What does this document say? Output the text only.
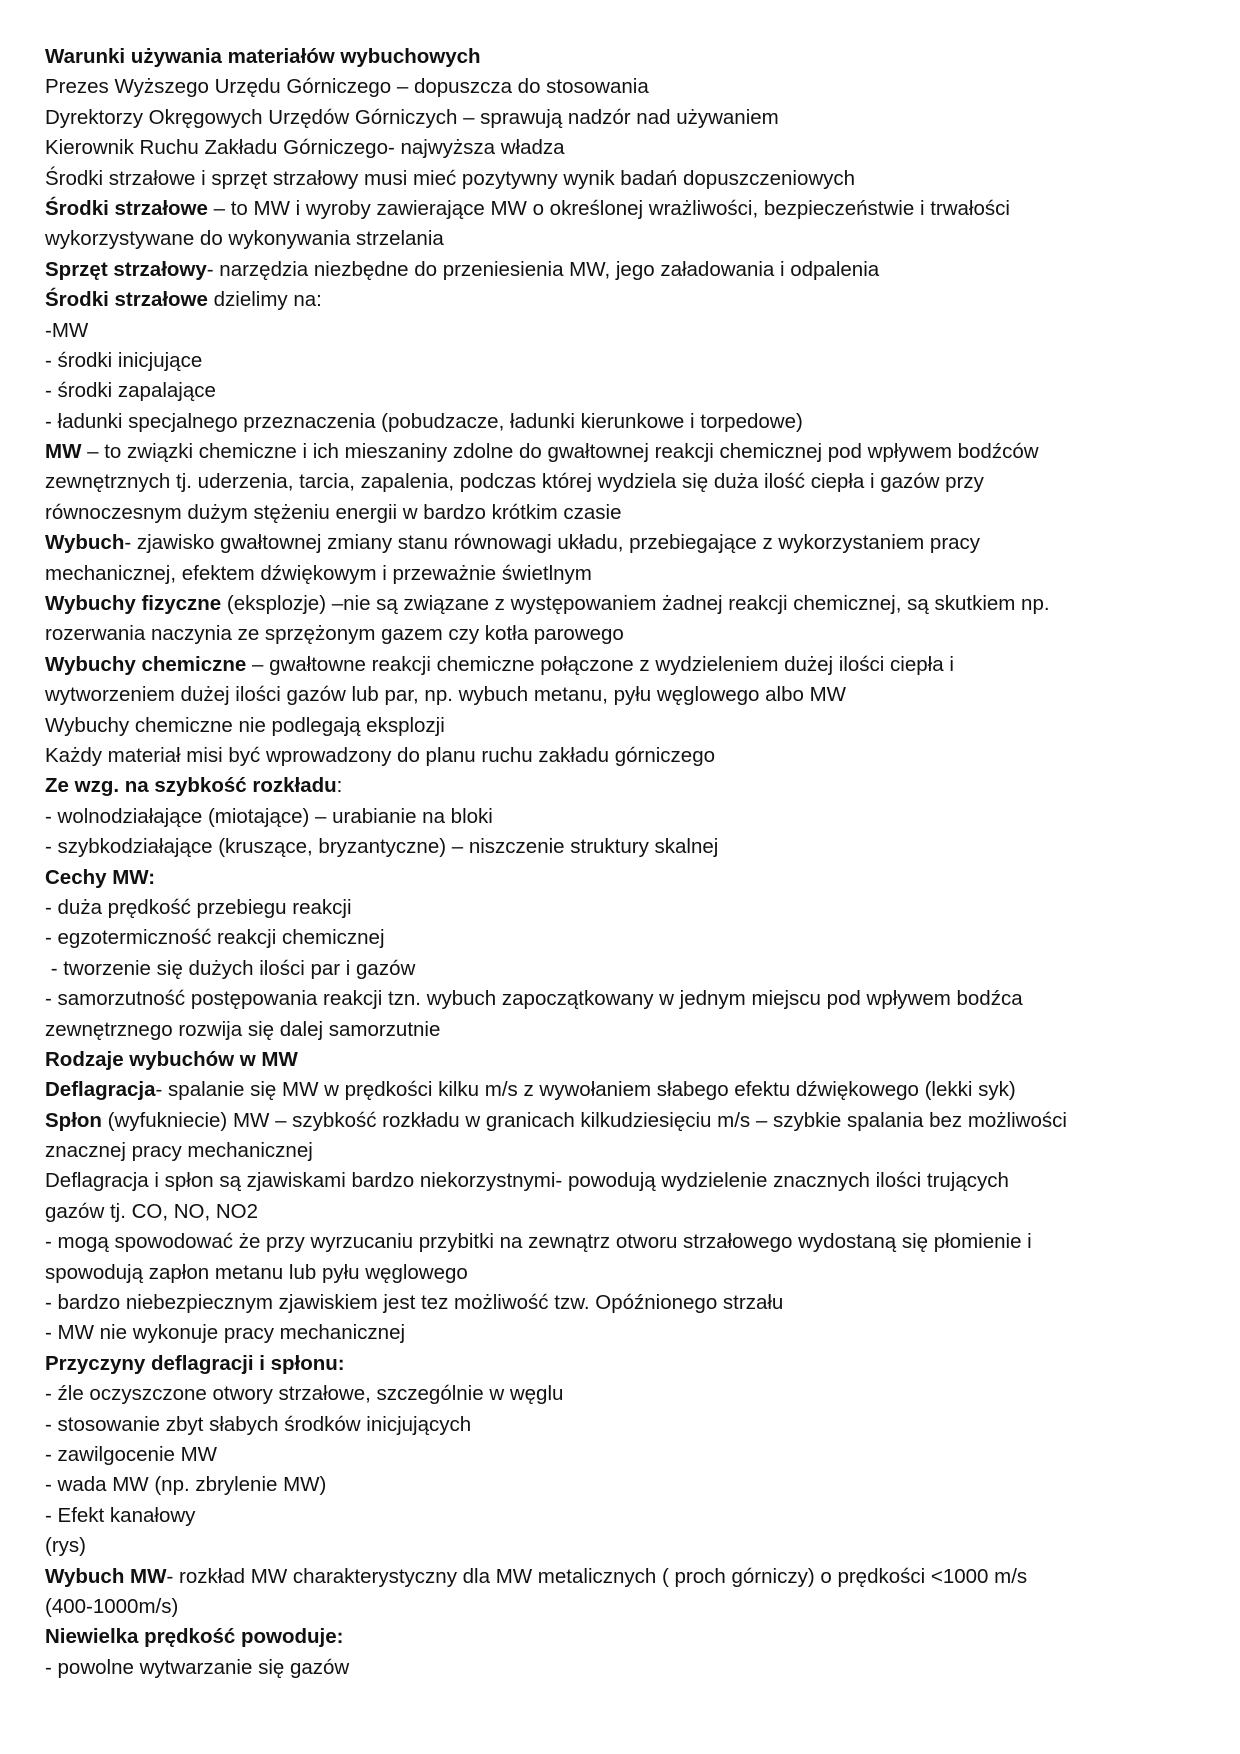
Warunki używania materiałów wybuchowych
Prezes Wyższego Urzędu Górniczego – dopuszcza do stosowania
Dyrektorzy Okręgowych Urzędów Górniczych – sprawują nadzór nad używaniem
Kierownik Ruchu Zakładu Górniczego- najwyższa władza
Środki strzałowe i sprzęt strzałowy musi mieć pozytywny wynik badań dopuszczeniowych
Środki strzałowe – to MW i wyroby zawierające MW o określonej wrażliwości, bezpieczeństwie i trwałości
wykorzystywane do wykonywania strzelania
Sprzęt strzałowy- narzędzia niezbędne do przeniesienia MW, jego załadowania i odpalenia
Środki strzałowe dzielimy na:
-MW
- środki inicjujące
- środki zapalające
- ładunki specjalnego przeznaczenia (pobudzacze, ładunki kierunkowe i torpedowe)
MW – to związki chemiczne i ich mieszaniny zdolne do gwałtownej reakcji chemicznej pod wpływem bodźców
zewnętrznych tj. uderzenia, tarcia, zapalenia, podczas której wydziela się duża ilość ciepła i gazów przy
równoczesnym dużym stężeniu energii w bardzo krótkim czasie
Wybuch- zjawisko gwałtownej zmiany stanu równowagi układu, przebiegające z wykorzystaniem pracy
mechanicznej, efektem dźwiękowym i przeważnie świetlnym
Wybuchy fizyczne (eksplozje) –nie są związane z występowaniem żadnej reakcji chemicznej, są skutkiem np.
rozerwania naczynia ze sprzężonym gazem czy kotła parowego
Wybuchy chemiczne – gwałtowne reakcji chemiczne połączone z wydzieleniem dużej ilości ciepła i
wytworzeniem dużej ilości gazów lub par, np. wybuch metanu, pyłu węglowego albo MW
Wybuchy chemiczne nie podlegają eksplozji
Każdy materiał misi być wprowadzony do planu ruchu zakładu górniczego
Ze wzg. na szybkość rozkładu:
- wolnodziałające (miotające) – urabianie na bloki
- szybkodziałające (kruszące, bryzantyczne) – niszczenie struktury skalnej
Cechy MW:
- duża prędkość przebiegu reakcji
- egzotermiczność reakcji chemicznej
- tworzenie się dużych ilości par i gazów
- samorzutność postępowania reakcji tzn. wybuch zapoczątkowany w jednym miejscu pod wpływem bodźca
zewnętrznego rozwija się dalej samorzutnie
Rodzaje wybuchów w MW
Deflagracja- spalanie się MW w prędkości kilku m/s z wywołaniem słabego efektu dźwiękowego (lekki syk)
Spłon (wyfukniecie) MW – szybkość rozkładu w granicach kilkudziesięciu m/s – szybkie spalania bez możliwości
znacznej pracy mechanicznej
Deflagracja i spłon są zjawiskami bardzo niekorzystnymi- powodują wydzielenie znacznych ilości trujących
gazów tj. CO, NO, NO2
- mogą spowodować że przy wyrzucaniu przybitki na zewnątrz otworu strzałowego wydostaną się płomienie i
spowodują zapłon metanu lub pyłu węglowego
- bardzo niebezpiecznym zjawiskiem jest tez możliwość tzw. Opóźnionego strzału
- MW nie wykonuje pracy mechanicznej
Przyczyny deflagracji i spłonu:
- źle oczyszczone otwory strzałowe, szczególnie w węglu
- stosowanie zbyt słabych środków inicjujących
- zawilgocenie MW
- wada MW (np. zbrylenie MW)
- Efekt kanałowy
(rys)
Wybuch MW- rozkład MW charakterystyczny dla MW metalicznych ( proch górniczy) o prędkości <1000 m/s
(400-1000m/s)
Niewielka prędkość powoduje:
- powolne wytwarzanie się gazów
